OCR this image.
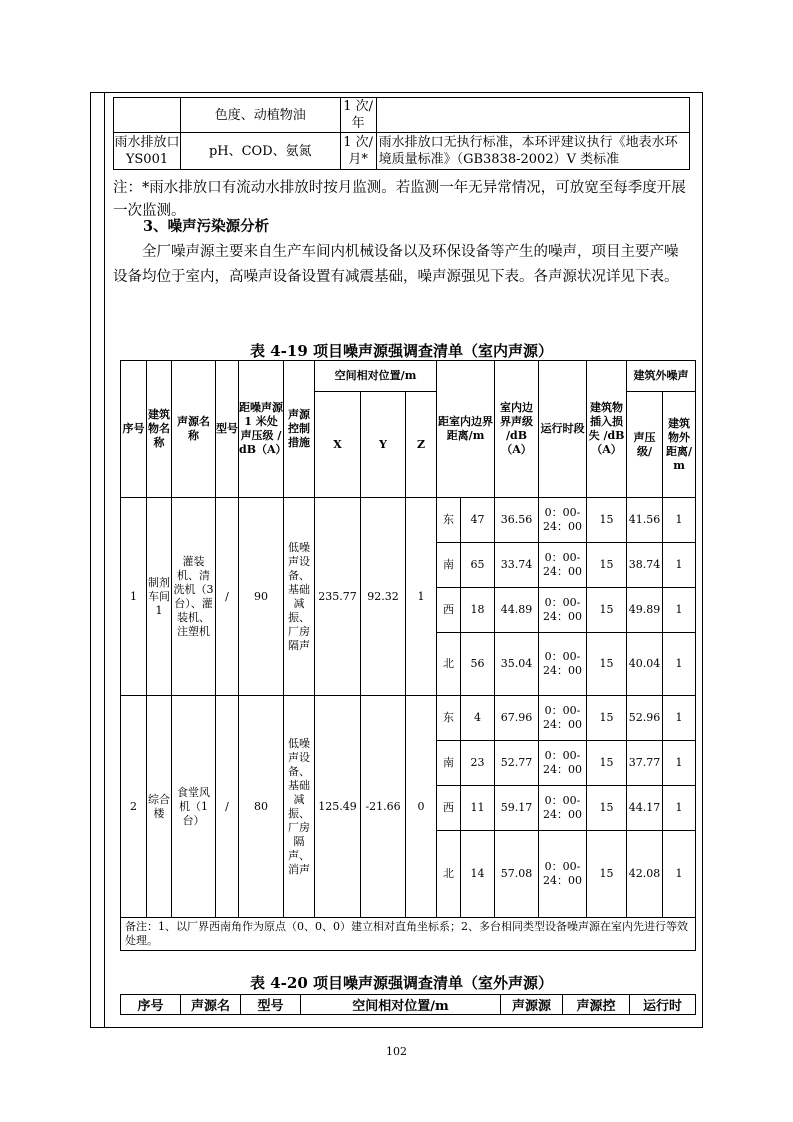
	色度、动植物油	1 次/年	
雨水排放口 YS001	pH、COD、氨氮	1 次/月*	雨水排放口无执行标准，本环评建议执行《地表水环境质量标准》（GB3838-2002）V 类标准
注：*雨水排放口有流动水排放时按月监测。若监测一年无异常情况，可放宽至每季度开展一次监测。
3、噪声污染源分析
全厂噪声源主要来自生产车间内机械设备以及环保设备等产生的噪声，项目主要产噪设备均位于室内，高噪声设备设置有减震基础，噪声源强见下表。各声源状况详见下表。
表 4-19 项目噪声源强调查清单（室内声源）
序号	建筑物名称	声源名称	型号	距噪声源 1 米处声压级 /dB（A）	声源控制措施	空间相对位置/m			距室内边界距离/m		室内边界声级 /dB（A）	运行时段	建筑物插入损失 /dB（A）	建筑外噪声	
						X	Y	Z						声压级/	建筑物外距离/m
1	制剂车间 1	灌装机、清洗机（3台）、灌装机、注塑机	/	90	低噪声设备、基础减振、厂房隔声	235.77	92.32	1	东	47	36.56	0：00-24：00	15	41.56	1
									南	65	33.74	0：00-24：00	15	38.74	1
									西	18	44.89	0：00-24：00	15	49.89	1
									北	56	35.04	0：00-24：00	15	40.04	1
2	综合楼	食堂风机（1台）	/	80	低噪声设备、基础减振、厂房隔声、消声	125.49	-21.66	0	东	4	67.96	0：00-24：00	15	52.96	1
									南	23	52.77	0：00-24：00	15	37.77	1
									西	11	59.17	0：00-24：00	15	44.17	1
									北	14	57.08	0：00-24：00	15	42.08	1
备注：1、以厂界西南角作为原点（0、0、0）建立相对直角坐标系；2、多台相同类型设备噪声源在室内先进行等效处理。															
表 4-20 项目噪声源强调查清单（室外声源）
序号	声源名	型号	空间相对位置/m	声源源	声源控	运行时
102
